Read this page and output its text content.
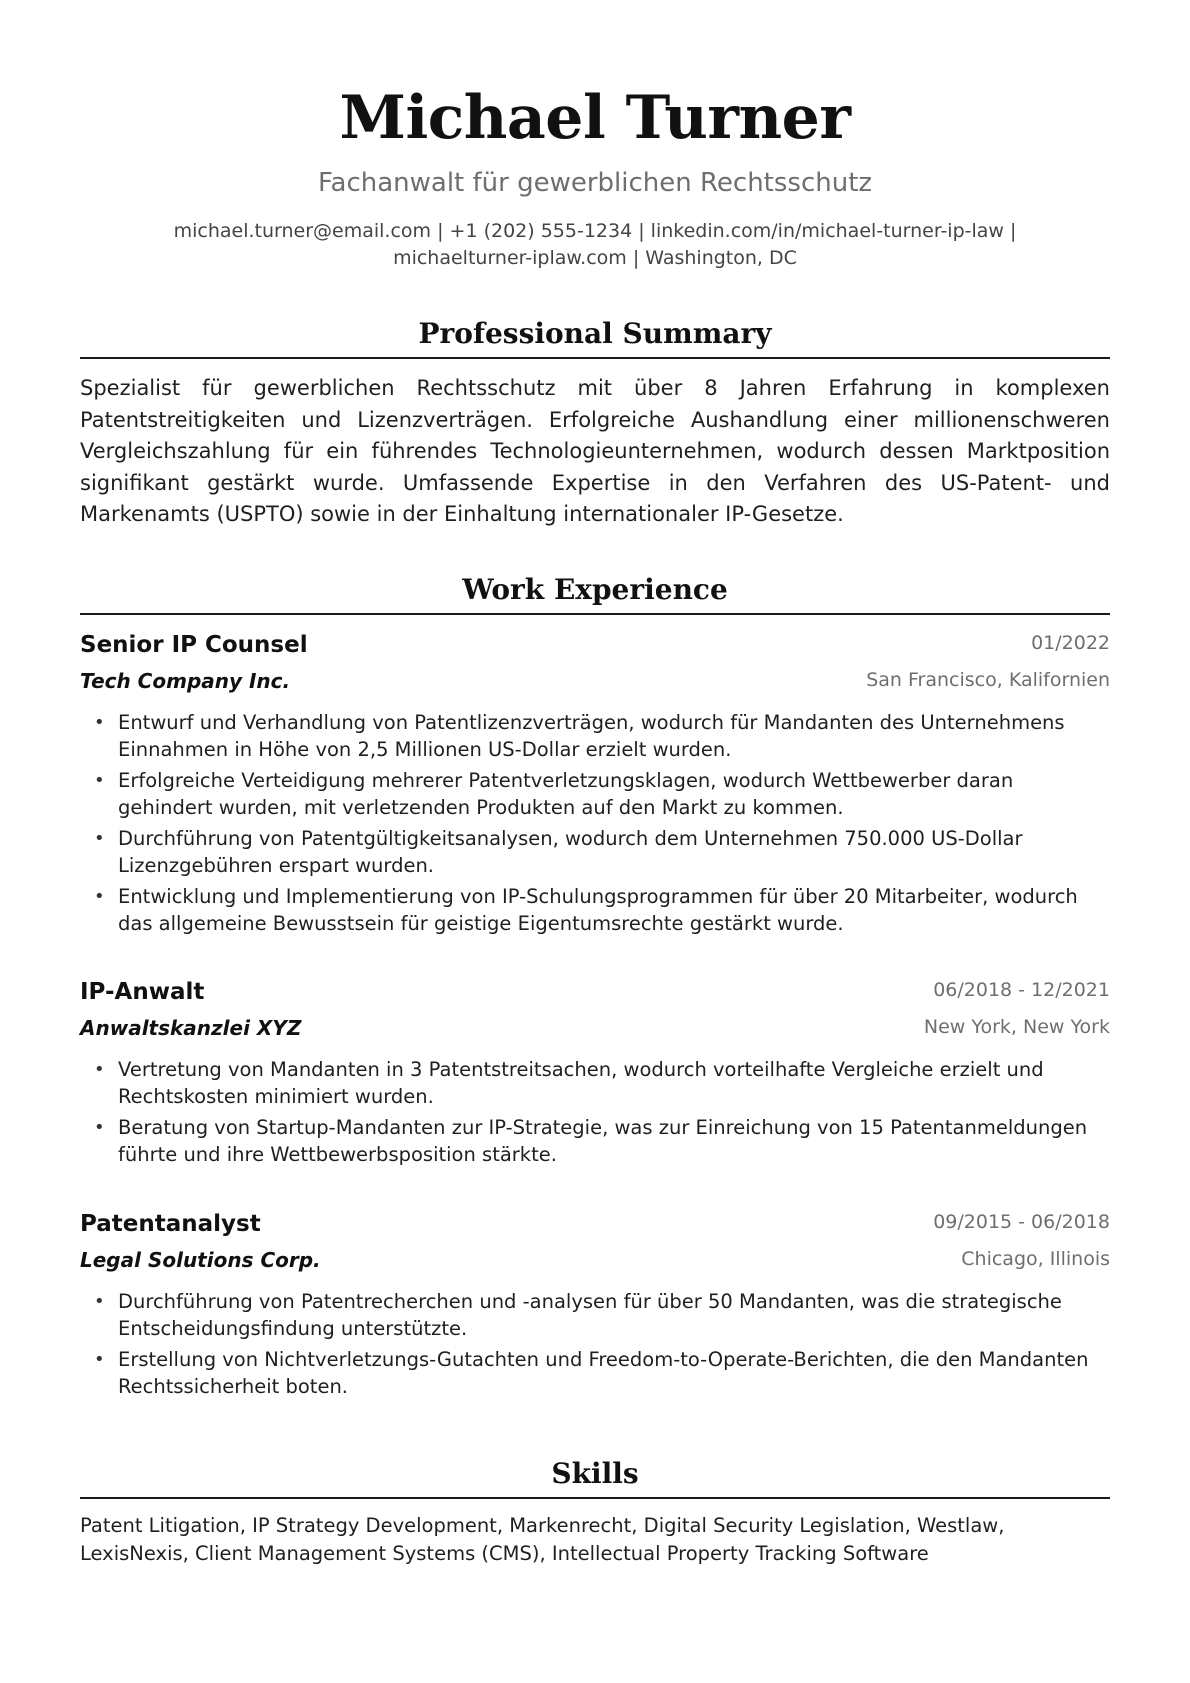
Michael Turner
Fachanwalt für gewerblichen Rechtsschutz
michael.turner@email.com | +1 (202) 555-1234 | linkedin.com/in/michael-turner-ip-law |
michaelturner-iplaw.com | Washington, DC
Professional Summary
Spezialist für gewerblichen Rechtsschutz mit über 8 Jahren Erfahrung in komplexen Patentstreitigkeiten und Lizenzverträgen. Erfolgreiche Aushandlung einer millionenschweren Vergleichszahlung für ein führendes Technologieunternehmen, wodurch dessen Marktposition signifikant gestärkt wurde. Umfassende Expertise in den Verfahren des US-Patent- und Markenamts (USPTO) sowie in der Einhaltung internationaler IP-Gesetze.
Work Experience
Senior IP Counsel	01/2022
Tech Company Inc.	San Francisco, Kalifornien
• Entwurf und Verhandlung von Patentlizenzverträgen, wodurch für Mandanten des Unternehmens Einnahmen in Höhe von 2,5 Millionen US-Dollar erzielt wurden.
• Erfolgreiche Verteidigung mehrerer Patentverletzungsklagen, wodurch Wettbewerber daran gehindert wurden, mit verletzenden Produkten auf den Markt zu kommen.
• Durchführung von Patentgültigkeitsanalysen, wodurch dem Unternehmen 750.000 US-Dollar Lizenzgebühren erspart wurden.
• Entwicklung und Implementierung von IP-Schulungsprogrammen für über 20 Mitarbeiter, wodurch das allgemeine Bewusstsein für geistige Eigentumsrechte gestärkt wurde.
IP-Anwalt	06/2018 - 12/2021
Anwaltskanzlei XYZ	New York, New York
• Vertretung von Mandanten in 3 Patentstreitsachen, wodurch vorteilhafte Vergleiche erzielt und Rechtskosten minimiert wurden.
• Beratung von Startup-Mandanten zur IP-Strategie, was zur Einreichung von 15 Patentanmeldungen führte und ihre Wettbewerbsposition stärkte.
Patentanalyst	09/2015 - 06/2018
Legal Solutions Corp.	Chicago, Illinois
• Durchführung von Patentrecherchen und -analysen für über 50 Mandanten, was die strategische Entscheidungsfindung unterstützte.
• Erstellung von Nichtverletzungs-Gutachten und Freedom-to-Operate-Berichten, die den Mandanten Rechtssicherheit boten.
Skills
Patent Litigation, IP Strategy Development, Markenrecht, Digital Security Legislation, Westlaw, LexisNexis, Client Management Systems (CMS), Intellectual Property Tracking Software
